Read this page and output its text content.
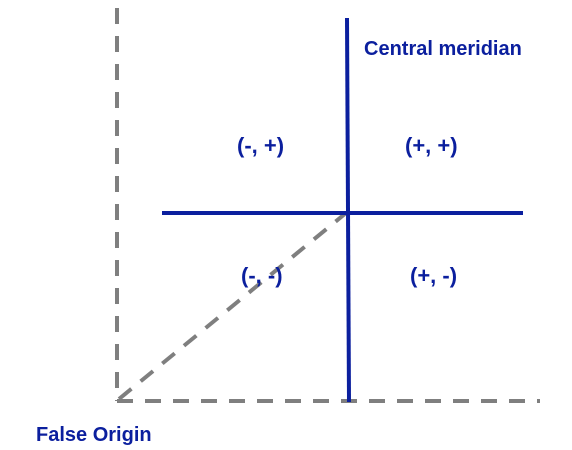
Central meridian
(-, +)	(+, +)
(-, -)	(+, -)
False Origin
